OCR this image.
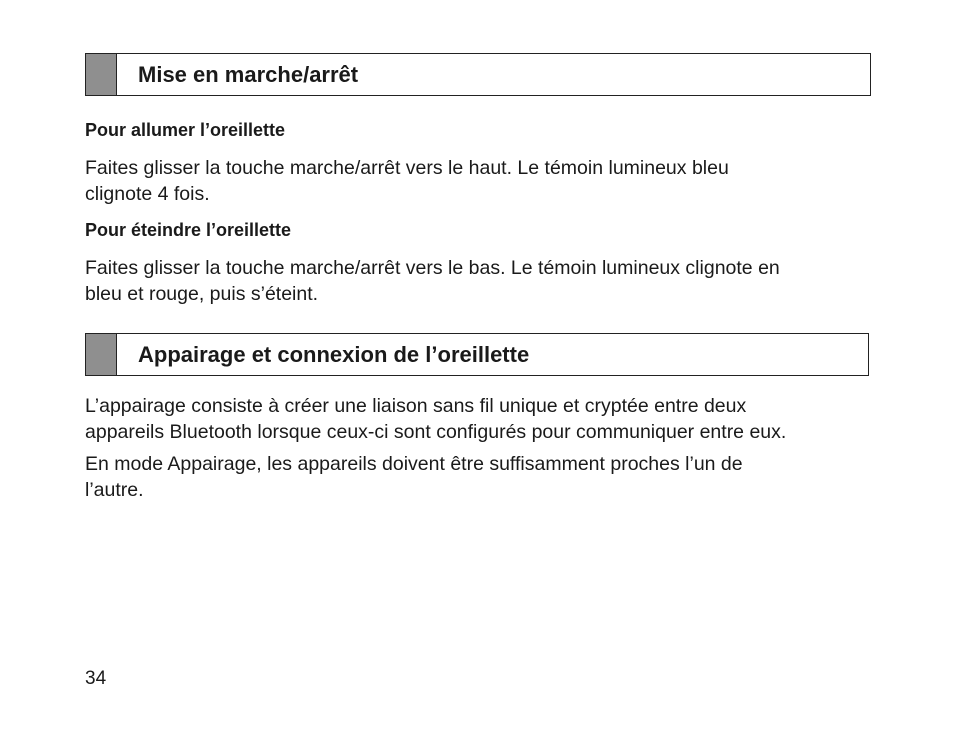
Mise en marche/arrêt
Pour allumer l’oreillette
Faites glisser la touche marche/arrêt vers le haut. Le témoin lumineux bleu
clignote 4 fois.
Pour éteindre l’oreillette
Faites glisser la touche marche/arrêt vers le bas. Le témoin lumineux clignote en
bleu et rouge, puis s’éteint.
Appairage et connexion de l’oreillette
L’appairage consiste à créer une liaison sans fil unique et cryptée entre deux
appareils Bluetooth lorsque ceux-ci sont configurés pour communiquer entre eux.
En mode Appairage, les appareils doivent être suffisamment proches l’un de
l’autre.
34
